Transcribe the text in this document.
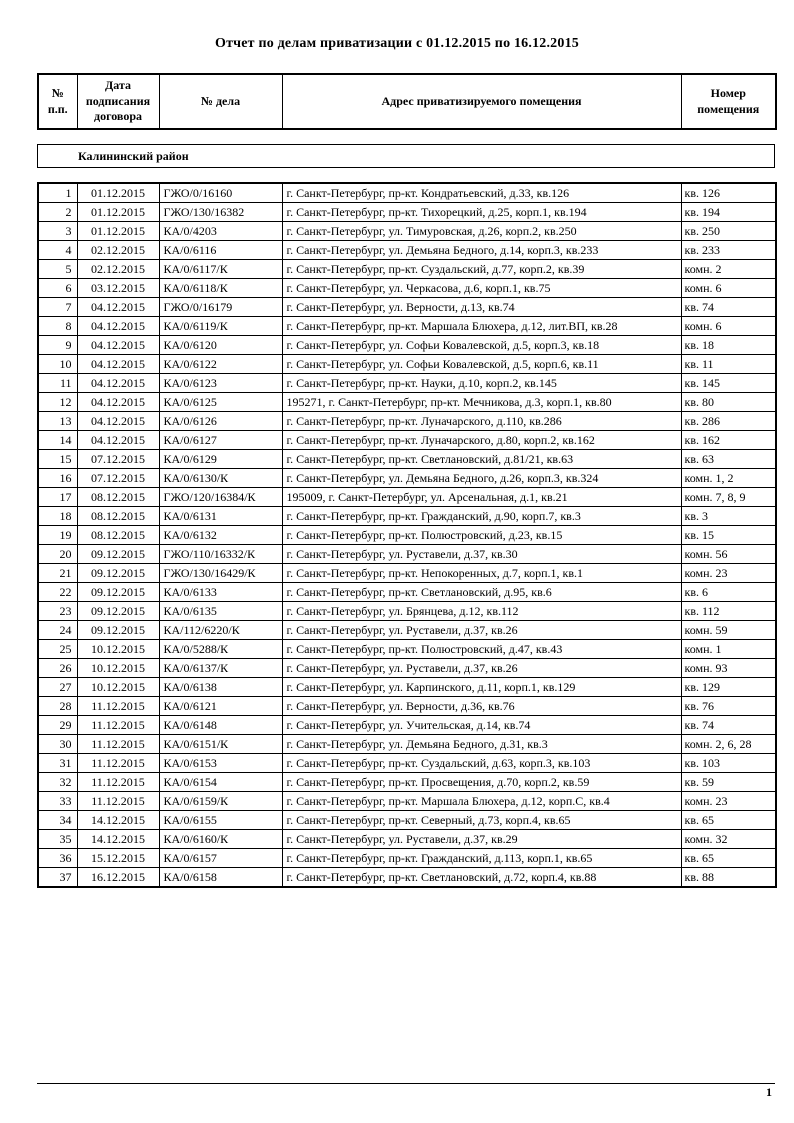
Отчет по делам приватизации с 01.12.2015 по 16.12.2015
№ п.п.	Дата подписания договора	№ дела	Адрес приватизируемого помещения	Номер помещения
Калининский район
1	01.12.2015	ГЖО/0/16160	г. Санкт-Петербург, пр-кт. Кондратьевский, д.33, кв.126	кв. 126
2	01.12.2015	ГЖО/130/16382	г. Санкт-Петербург, пр-кт. Тихорецкий, д.25, корп.1, кв.194	кв. 194
3	01.12.2015	КА/0/4203	г. Санкт-Петербург, ул. Тимуровская, д.26, корп.2, кв.250	кв. 250
4	02.12.2015	КА/0/6116	г. Санкт-Петербург, ул. Демьяна Бедного, д.14, корп.3, кв.233	кв. 233
5	02.12.2015	КА/0/6117/К	г. Санкт-Петербург, пр-кт. Суздальский, д.77, корп.2, кв.39	комн. 2
6	03.12.2015	КА/0/6118/К	г. Санкт-Петербург, ул. Черкасова, д.6, корп.1, кв.75	комн. 6
7	04.12.2015	ГЖО/0/16179	г. Санкт-Петербург, ул. Верности, д.13, кв.74	кв. 74
8	04.12.2015	КА/0/6119/К	г. Санкт-Петербург, пр-кт. Маршала Блюхера, д.12, лит.ВП, кв.28	комн. 6
9	04.12.2015	КА/0/6120	г. Санкт-Петербург, ул. Софьи Ковалевской, д.5, корп.3, кв.18	кв. 18
10	04.12.2015	КА/0/6122	г. Санкт-Петербург, ул. Софьи Ковалевской, д.5, корп.6, кв.11	кв. 11
11	04.12.2015	КА/0/6123	г. Санкт-Петербург, пр-кт. Науки, д.10, корп.2, кв.145	кв. 145
12	04.12.2015	КА/0/6125	195271, г. Санкт-Петербург, пр-кт. Мечникова, д.3, корп.1, кв.80	кв. 80
13	04.12.2015	КА/0/6126	г. Санкт-Петербург, пр-кт. Луначарского, д.110, кв.286	кв. 286
14	04.12.2015	КА/0/6127	г. Санкт-Петербург, пр-кт. Луначарского, д.80, корп.2, кв.162	кв. 162
15	07.12.2015	КА/0/6129	г. Санкт-Петербург, пр-кт. Светлановский, д.81/21, кв.63	кв. 63
16	07.12.2015	КА/0/6130/К	г. Санкт-Петербург, ул. Демьяна Бедного, д.26, корп.3, кв.324	комн. 1, 2
17	08.12.2015	ГЖО/120/16384/К	195009, г. Санкт-Петербург, ул. Арсенальная, д.1, кв.21	комн. 7, 8, 9
18	08.12.2015	КА/0/6131	г. Санкт-Петербург, пр-кт. Гражданский, д.90, корп.7, кв.3	кв. 3
19	08.12.2015	КА/0/6132	г. Санкт-Петербург, пр-кт. Полюстровский, д.23, кв.15	кв. 15
20	09.12.2015	ГЖО/110/16332/К	г. Санкт-Петербург, ул. Руставели, д.37, кв.30	комн. 56
21	09.12.2015	ГЖО/130/16429/К	г. Санкт-Петербург, пр-кт. Непокоренных, д.7, корп.1, кв.1	комн. 23
22	09.12.2015	КА/0/6133	г. Санкт-Петербург, пр-кт. Светлановский, д.95, кв.6	кв. 6
23	09.12.2015	КА/0/6135	г. Санкт-Петербург, ул. Брянцева, д.12, кв.112	кв. 112
24	09.12.2015	КА/112/6220/К	г. Санкт-Петербург, ул. Руставели, д.37, кв.26	комн. 59
25	10.12.2015	КА/0/5288/К	г. Санкт-Петербург, пр-кт. Полюстровский, д.47, кв.43	комн. 1
26	10.12.2015	КА/0/6137/К	г. Санкт-Петербург, ул. Руставели, д.37, кв.26	комн. 93
27	10.12.2015	КА/0/6138	г. Санкт-Петербург, ул. Карпинского, д.11, корп.1, кв.129	кв. 129
28	11.12.2015	КА/0/6121	г. Санкт-Петербург, ул. Верности, д.36, кв.76	кв. 76
29	11.12.2015	КА/0/6148	г. Санкт-Петербург, ул. Учительская, д.14, кв.74	кв. 74
30	11.12.2015	КА/0/6151/К	г. Санкт-Петербург, ул. Демьяна Бедного, д.31, кв.3	комн. 2, 6, 28
31	11.12.2015	КА/0/6153	г. Санкт-Петербург, пр-кт. Суздальский, д.63, корп.3, кв.103	кв. 103
32	11.12.2015	КА/0/6154	г. Санкт-Петербург, пр-кт. Просвещения, д.70, корп.2, кв.59	кв. 59
33	11.12.2015	КА/0/6159/К	г. Санкт-Петербург, пр-кт. Маршала Блюхера, д.12, корп.С, кв.4	комн. 23
34	14.12.2015	КА/0/6155	г. Санкт-Петербург, пр-кт. Северный, д.73, корп.4, кв.65	кв. 65
35	14.12.2015	КА/0/6160/К	г. Санкт-Петербург, ул. Руставели, д.37, кв.29	комн. 32
36	15.12.2015	КА/0/6157	г. Санкт-Петербург, пр-кт. Гражданский, д.113, корп.1, кв.65	кв. 65
37	16.12.2015	КА/0/6158	г. Санкт-Петербург, пр-кт. Светлановский, д.72, корп.4, кв.88	кв. 88
1
